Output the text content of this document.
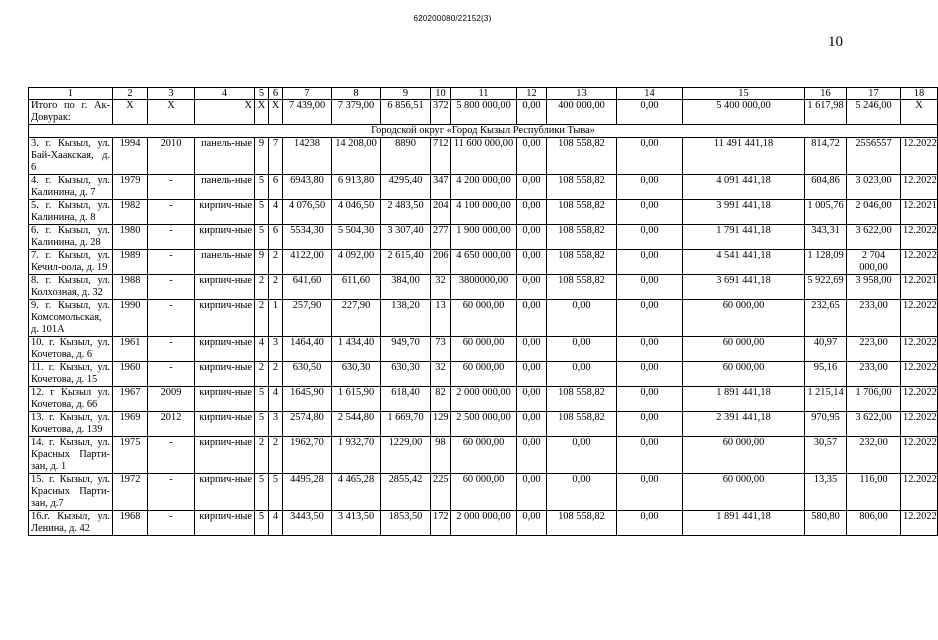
620200080/22152(3)
10
1	2	3	4	5	6	7	8	9	10	11	12	13	14	15	16	17	18
Итого по г. Ак-Довурак:	X	X	X	X	X	7 439,00	7 379,00	6 856,51	372	5 800 000,00	0,00	400 000,00	0,00	5 400 000,00	1 617,98	5 246,00	X
Городской округ «Город Кызыл Республики Тыва»																	
3. г. Кызыл, ул. Бай-Хаакская, д. 6	1994	2010	панель-ные	9	7	14238	14 208,00	8890	712	11 600 000,00	0,00	108 558,82	0,00	11 491 441,18	814,72	2556557	12.2022
4. г. Кызыл, ул. Калинина, д. 7	1979	-	панель-ные	5	6	6943,80	6 913,80	4295,40	347	4 200 000,00	0,00	108 558,82	0,00	4 091 441,18	604,86	3 023,00	12.2022
5. г. Кызыл, ул. Калинина, д. 8	1982	-	кирпич-ные	5	4	4 076,50	4 046,50	2 483,50	204	4 100 000,00	0,00	108 558,82	0,00	3 991 441,18	1 005,76	2 046,00	12.2021
6. г. Кызыл, ул. Калинина, д. 28	1980	-	кирпич-ные	5	6	5534,30	5 504,30	3 307,40	277	1 900 000,00	0,00	108 558,82	0,00	1 791 441,18	343,31	3 622,00	12.2022
7. г. Кызыл, ул. Кечил-оола, д. 19	1989	-	панель-ные	9	2	4122,00	4 092,00	2 615,40	206	4 650 000,00	0,00	108 558,82	0,00	4 541 441,18	1 128,09	2 704 000,00	12.2022
8. г. Кызыл, ул. Колхозная, д. 32	1988	-	кирпич-ные	2	2	641,60	611,60	384,00	32	3800000,00	0,00	108 558,82	0,00	3 691 441,18	5 922,69	3 958,00	12.2021
9. г. Кызыл, ул. Комсомольская, д. 101А	1990	-	кирпич-ные	2	1	257,90	227,90	138,20	13	60 000,00	0,00	0,00	0,00	60 000,00	232,65	233,00	12.2022
10. г. Кызыл, ул. Кочетова, д. 6	1961	-	кирпич-ные	4	3	1464,40	1 434,40	949,70	73	60 000,00	0,00	0,00	0,00	60 000,00	40,97	223,00	12.2022
11. г. Кызыл, ул. Кочетова, д. 15	1960	-	кирпич-ные	2	2	630,50	630,30	630,30	32	60 000,00	0,00	0,00	0,00	60 000,00	95,16	233,00	12.2022
12. г Кызыл ул. Кочетова, д. 66	1967	2009	кирпич-ные	5	4	1645,90	1 615,90	618,40	82	2 000 000,00	0,00	108 558,82	0,00	1 891 441,18	1 215,14	1 706,00	12.2022
13. г. Кызыл, ул. Кочетова, д. 139	1969	2012	кирпич-ные	5	3	2574,80	2 544,80	1 669,70	129	2 500 000,00	0,00	108 558,82	0,00	2 391 441,18	970,95	3 622,00	12.2022
14. г. Кызыл, ул. Красных Парти-зан, д. 1	1975	-	кирпич-ные	2	2	1962,70	1 932,70	1229,00	98	60 000,00	0,00	0,00	0,00	60 000,00	30,57	232,00	12.2022
15. г. Кызыл, ул. Красных Парти-зан, д.7	1972	-	кирпич-ные	5	5	4495,28	4 465,28	2855,42	225	60 000,00	0,00	0,00	0,00	60 000,00	13,35	116,00	12.2022
16.г. Кызыл, ул. Ленина, д. 42	1968	-	кирпич-ные	5	4	3443,50	3 413,50	1853,50	172	2 000 000,00	0,00	108 558,82	0,00	1 891 441,18	580,80	806,00	12.2022
